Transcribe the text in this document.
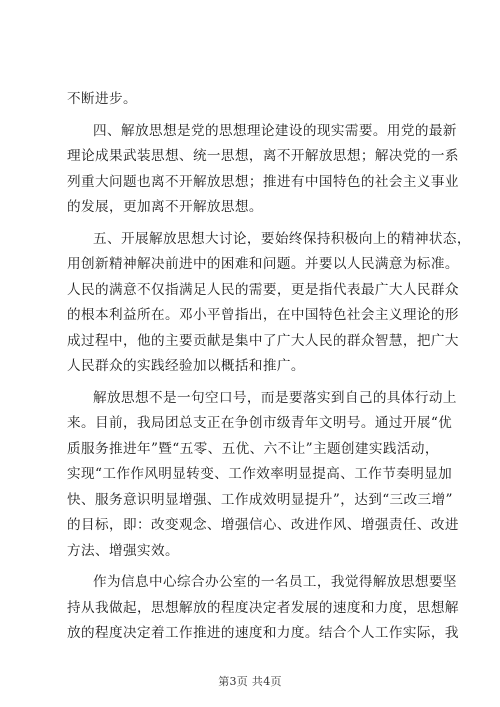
不断进步。
四、解放思想是党的思想理论建设的现实需要。用党的最新
理论成果武装思想、统一思想，离不开解放思想；解决党的一系
列重大问题也离不开解放思想；推进有中国特色的社会主义事业
的发展，更加离不开解放思想。
五、开展解放思想大讨论，要始终保持积极向上的精神状态，
用创新精神解决前进中的困难和问题。并要以人民满意为标准。
人民的满意不仅指满足人民的需要，更是指代表最广大人民群众
的根本利益所在。邓小平曾指出，在中国特色社会主义理论的形
成过程中，他的主要贡献是集中了广大人民的群众智慧，把广大
人民群众的实践经验加以概括和推广。
解放思想不是一句空口号，而是要落实到自己的具体行动上
来。目前，我局团总支正在争创市级青年文明号。通过开展“优
质服务推进年”暨“五零、五优、六不让”主题创建实践活动，
实现“工作作风明显转变、工作效率明显提高、工作节奏明显加
快、服务意识明显增强、工作成效明显提升”，达到“三改三增”
的目标，即：改变观念、增强信心、改进作风、增强责任、改进
方法、增强实效。
作为信息中心综合办公室的一名员工，我觉得解放思想要坚
持从我做起，思想解放的程度决定者发展的速度和力度，思想解
放的程度决定着工作推进的速度和力度。结合个人工作实际，我
第3页 共4页
